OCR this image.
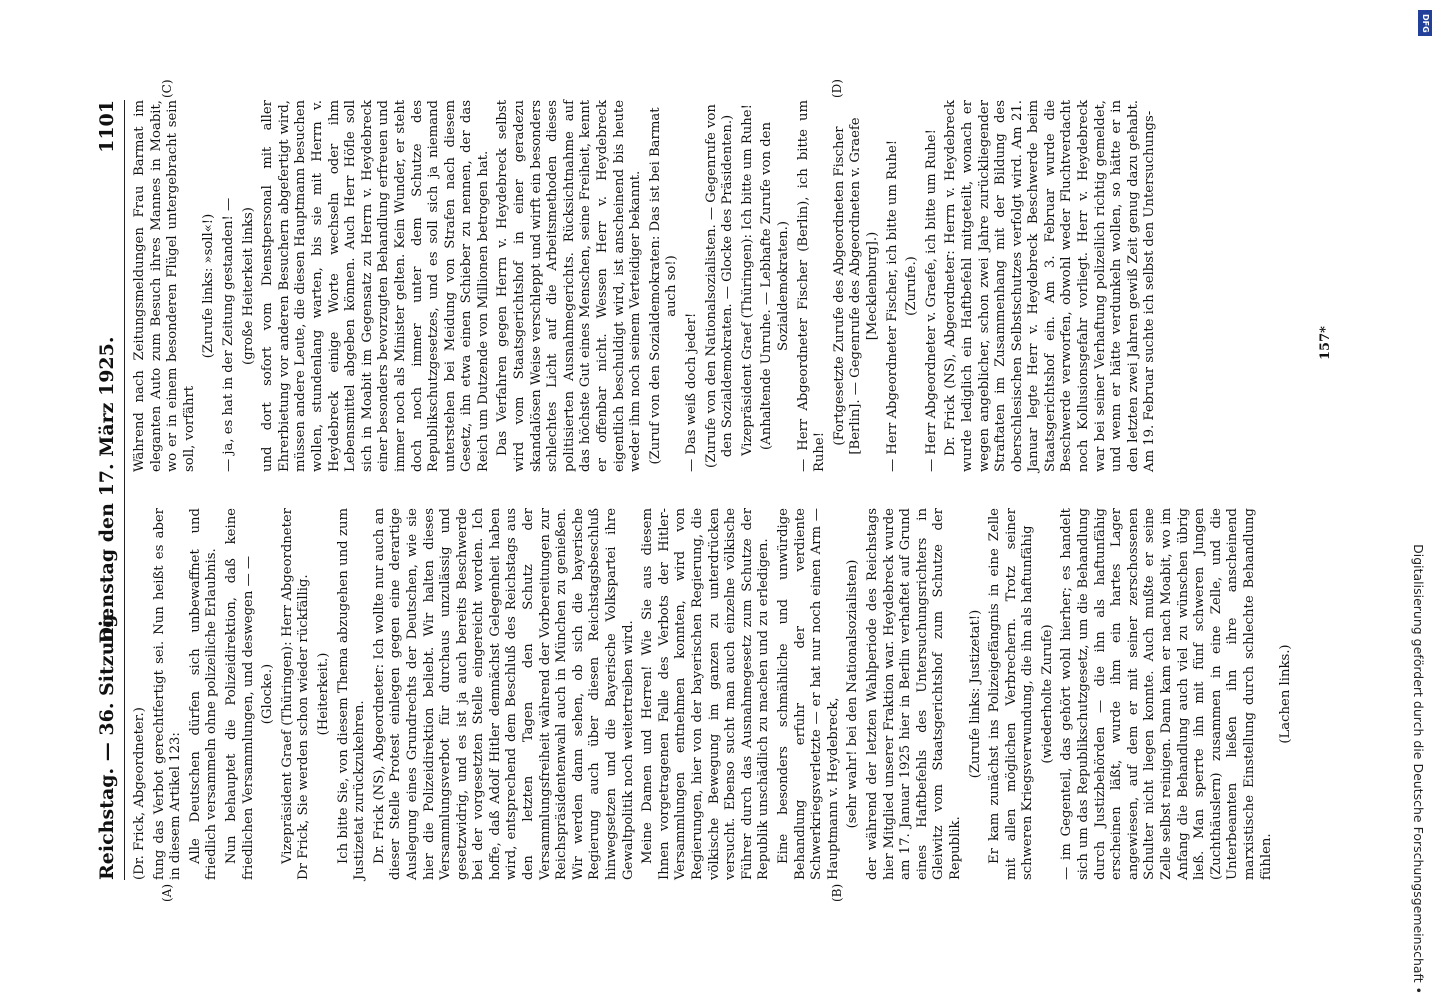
Reichstag. — 36. Sitzung.
Dienstag den 17. März 1925.
1101
(A)	(B)
(C)	(D)

(Dr. Frick, Abgeordneter.) fung das Verbot gerechtfertigt sei. Nun heißt es aber in diesem Artikel 123: Alle Deutschen dürfen sich unbewaffnet und friedlich versammeln ohne polizeiliche Erlaubnis. Nun behauptet die Polizeidirektion, daß keine friedlichen Versammlungen, und deswegen — — (Glocke.) Vizepräsident Graef (Thüringen): Herr Abgeordneter Dr Frick, Sie werden schon wieder rückfällig. (Heiterkeit.) Ich bitte Sie, von diesem Thema abzugehen und zum Justizetat zurückzukehren. Dr. Frick (NS), Abgeordneter: Ich wollte nur auch an dieser Stelle Protest einlegen gegen eine derartige Auslegung eines Grundrechts der Deutschen, wie sie hier die Polizeidirektion beliebt. Wir halten dieses Versammlungsverbot für durchaus unzulässig und gesetzwidrig, und es ist ja auch bereits Beschwerde bei der vorgesetzten Stelle eingereicht worden. Ich hoffe, daß Adolf Hitler demnächst Gelegenheit haben wird, entsprechend dem Beschluß des Reichstags aus den letzten Tagen den Schutz der Versammlungsfreiheit während der Vorbereitungen zur Reichspräsidentenwahl auch in München zu genießen. Wir werden dann sehen, ob sich die bayerische Regierung auch über diesen Reichstagsbeschluß hinwegsetzen und die Bayerische Volkspartei ihre Gewaltpolitik noch weitertreiben wird. Meine Damen und Herren! Wie Sie aus diesem Ihnen vorgetragenen Falle des Verbots der Hitler-Versammlungen entnehmen konnten, wird von Regierungen, hier von der bayerischen Regierung, die völkische Bewegung im ganzen zu unterdrücken versucht. Ebenso sucht man auch einzelne völkische Führer durch das Ausnahmegesetz zum Schutze der Republik unschädlich zu machen und zu erledigen. Eine besonders schmähliche und unwürdige Behandlung erfuhr der verdiente Schwerkriegsverletzte — er hat nur noch einen Arm — Hauptmann v. Heydebreck, (sehr wahr! bei den Nationalsozialisten) der während der letzten Wahlperiode des Reichstags hier Mitglied unserer Fraktion war. Heydebreck wurde am 17. Januar 1925 hier in Berlin verhaftet auf Grund eines Haftbefehls des Untersuchungsrichters in Gleiwitz vom Staatsgerichtshof zum Schutze der Republik.

(Zurufe links: Justizetat!) Er kam zunächst ins Polizeigefängnis in eine Zelle mit allen möglichen Verbrechern. Trotz seiner schweren Kriegsverwundung, die ihn als haftunfähig (wiederholte Zurufe) — im Gegenteil, das gehört wohl hierher; es handelt sich um das Republikschutzgesetz, um die Behandlung durch Justizbehörden — die ihn als haftunfähig erscheinen läßt, wurde ihm ein hartes Lager angewiesen, auf dem er mit seiner zerschossenen Schulter nicht liegen konnte. Auch mußte er seine Zelle selbst reinigen. Dann kam er nach Moabit, wo im Anfang die Behandlung auch viel zu wünschen übrig ließ. Man sperrte ihn mit fünf schweren Jungen (Zuchthäuslern) zusammen in eine Zelle, und die Unterbeamten ließen ihn ihre anscheinend marxistische Einstellung durch schlechte Behandlung fühlen.

(Lachen links.)

Während nach Zeitungsmeldungen Frau Barmat im eleganten Auto zum Besuch ihres Mannes in Moabit, wo er in einem besonderen Flügel untergebracht sein soll, vorfährt

(Zurufe links: »soll«!) — ja, es hat in der Zeitung gestanden! — (große Heiterkeit links) und dort sofort vom Dienstpersonal mit aller Ehrerbietung vor anderen Besuchern abgefertigt wird, müssen andere Leute, die diesen Hauptmann besuchen wollen, stundenlang warten, bis sie mit Herrn v. Heydebreck einige Worte wechseln oder ihm Lebensmittel abgeben können. Auch Herr Höfle soll sich in Moabit im Gegensatz zu Herrn v. Heydebreck einer besonders bevorzugten Behandlung erfreuen und immer noch als Minister gelten. Kein Wunder, er steht doch noch immer unter dem Schutze des Republikschutzgesetzes, und es soll sich ja niemand unterstehen bei Meidung von Strafen nach diesem Gesetz, ihn etwa einen Schieber zu nennen, der das Reich um Dutzende von Millionen betrogen hat. Das Verfahren gegen Herrn v. Heydebreck selbst wird vom Staatsgerichtshof in einer geradezu skandalösen Weise verschleppt und wirft ein besonders schlechtes Licht auf die Arbeitsmethoden dieses politisierten Ausnahmegerichts. Rücksichtnahme auf das höchste Gut eines Menschen, seine Freiheit, kennt er offenbar nicht. Wessen Herr v. Heydebreck eigentlich beschuldigt wird, ist anscheinend bis heute weder ihm noch seinem Verteidiger bekannt. (Zuruf von den Sozialdemokraten: Das ist bei Barmat auch so!)

— Das weiß doch jeder! (Zurufe von den Nationalsozialisten. — Gegenrufe von den Sozialdemokraten. — Glocke des Präsidenten.) Vizepräsident Graef (Thüringen): Ich bitte um Ruhe! (Anhaltende Unruhe. — Lebhafte Zurufe von den Sozialdemokraten.) — Herr Abgeordneter Fischer (Berlin), ich bitte um Ruhe!

(Fortgesetzte Zurufe des Abgeordneten Fischer [Berlin]. — Gegenrufe des Abgeordneten v. Graefe [Mecklenburg].) — Herr Abgeordneter Fischer, ich bitte um Ruhe! (Zurufe.) — Herr Abgeordneter v. Graefe, ich bitte um Ruhe! Dr. Frick (NS), Abgeordneter: Herrn v. Heydebreck wurde lediglich ein Haftbefehl mitgeteilt, wonach er wegen angeblicher, schon zwei Jahre zurückliegender Straftaten im Zusammenhang mit der Bildung des oberschlesischen Selbstschutzes verfolgt wird. Am 21. Januar legte Herr v. Heydebreck Beschwerde beim Staatsgerichtshof ein. Am 3. Februar wurde die Beschwerde verworfen, obwohl weder Fluchtverdacht noch Kollusionsgefahr vorliegt. Herr v. Heydebreck war bei seiner Verhaftung polizeilich richtig gemeldet, und wenn er hätte verdunkeln wollen, so hätte er in den letzten zwei Jahren gewiß Zeit genug dazu gehabt. Am 19. Februar suchte ich selbst den Untersuchungs-	157*
Digitalisierung gefördert durch die Deutsche Forschungsgemeinschaft •
DFG
